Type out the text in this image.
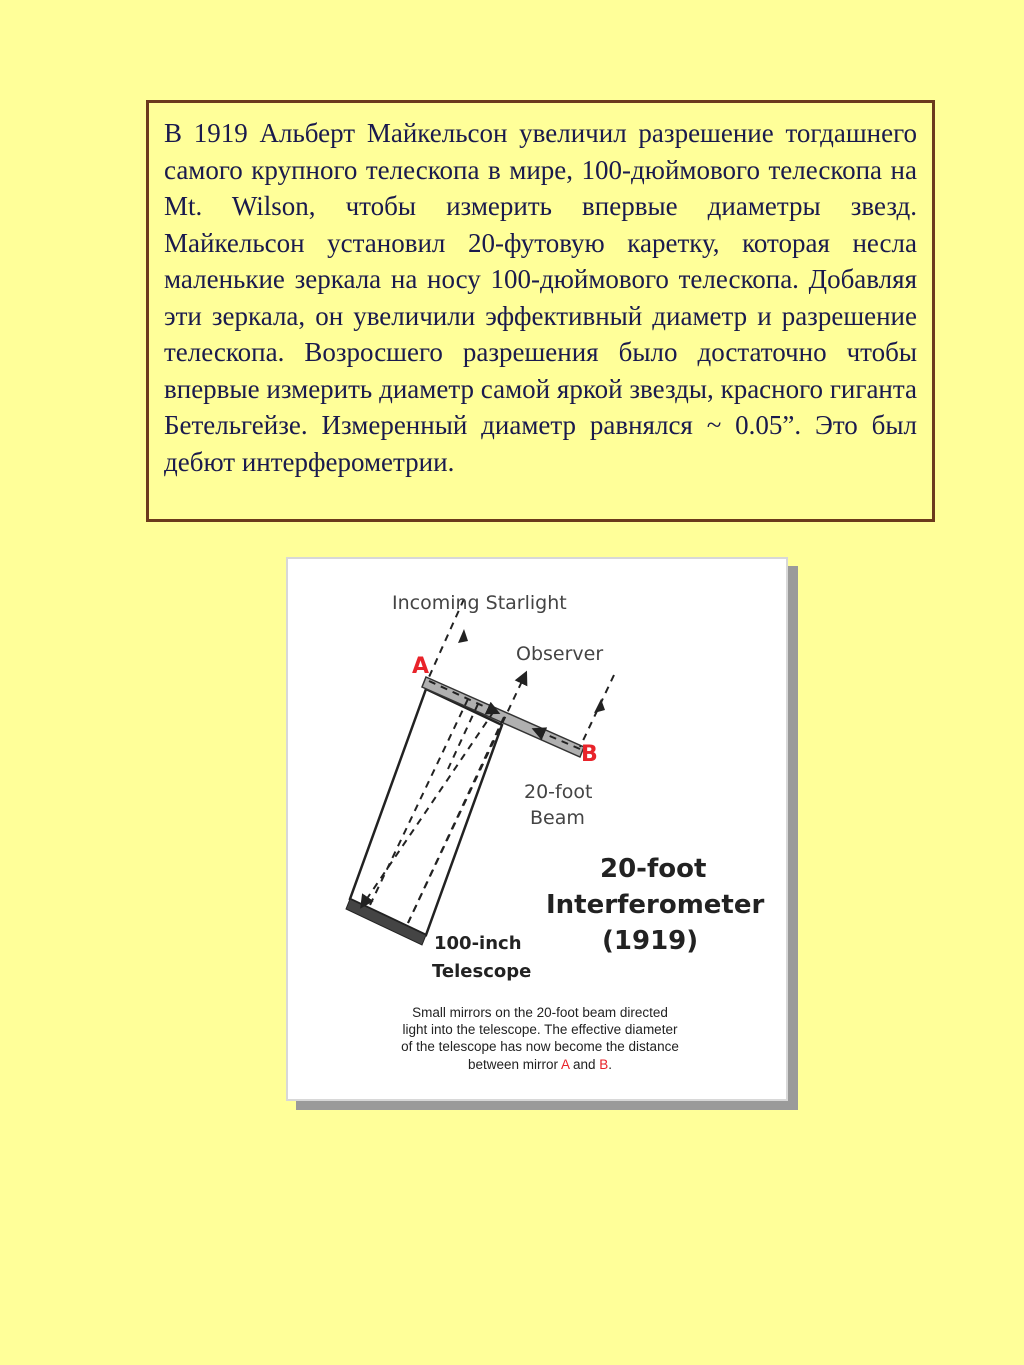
В 1919 Альберт Майкельсон увеличил разрешение тогдашнего самого крупного телескопа в мире, 100-дюймового телескопа на Mt. Wilson, чтобы измерить впервые диаметры звезд. Майкельсон установил 20-футовую каретку, которая несла маленькие зеркала на носу 100-дюймового телескопа. Добавляя эти зеркала, он увеличили эффективный диаметр и разрешение телескопа. Возросшего разрешения было достаточно чтобы впервые измерить диаметр самой яркой звезды, красного гиганта Бетельгейзе. Измеренный диаметр равнялся ~ 0.05”. Это был дебют интерферометрии.
Incoming Starlight
Observer
A
B
20-foot
Beam
100-inch
Telescope
20-foot
Interferometer
(1919)
Small mirrors on the 20-foot beam directed
light into the telescope. The effective diameter
of the telescope has now become the distance
between mirror A and B.
